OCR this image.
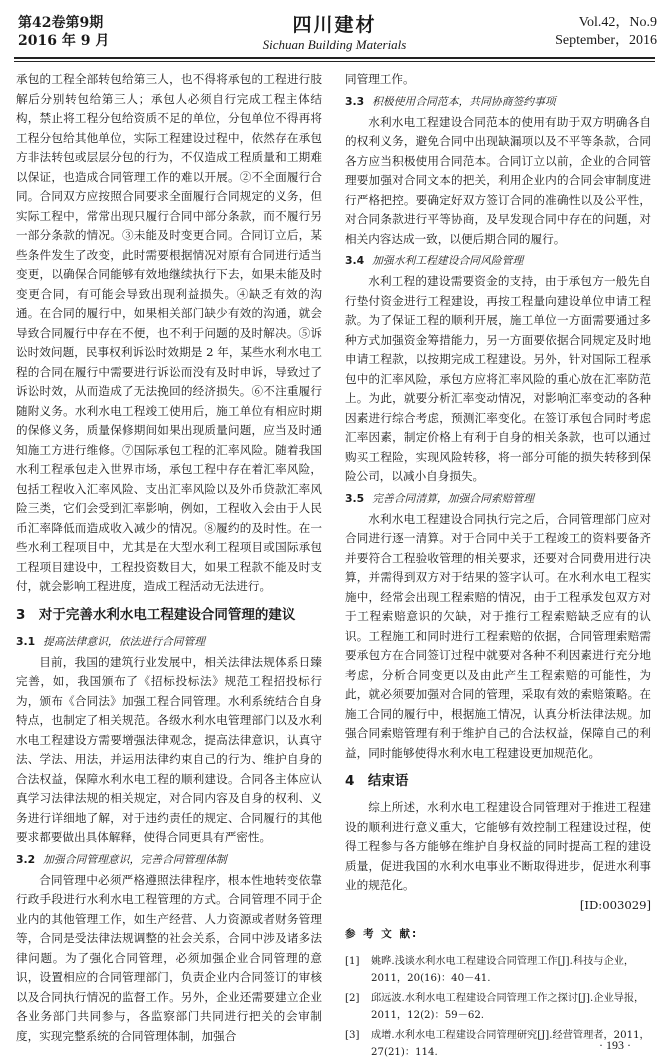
第42卷第9期
2016 年 9 月
四川建材
Sichuan Building Materials
Vol.42，No.9
September，2016

承包的工程全部转包给第三人，也不得将承包的工程进行肢解后分别转包给第三人；承包人必须自行完成工程主体结构，禁止将工程分包给资质不足的单位，分包单位不得再将工程分包给其他单位，实际工程建设过程中，依然存在承包方非法转包或层层分包的行为，不仅造成工程质量和工期难以保证，也造成合同管理工作的难以开展。②不全面履行合同。合同双方应按照合同要求全面履行合同规定的义务，但实际工程中，常常出现只履行合同中部分条款，而不履行另一部分条款的情况。③未能及时变更合同。合同订立后，某些条件发生了改变，此时需要根据情况对原有合同进行适当变更，以确保合同能够有效地继续执行下去，如果未能及时变更合同，有可能会导致出现利益损失。④缺乏有效的沟通。在合同的履行中，如果相关部门缺少有效的沟通，就会导致合同履行中存在不便，也不利于问题的及时解决。⑤诉讼时效问题，民事权利诉讼时效期是 2 年，某些水利水电工程的合同在履行中需要进行诉讼而没有及时申诉，导致过了诉讼时效，从而造成了无法挽回的经济损失。⑥不注重履行随附义务。水利水电工程竣工使用后，施工单位有相应时期的保修义务，质量保修期间如果出现质量问题，应当及时通知施工方进行维修。⑦国际承包工程的汇率风险。随着我国水利工程承包走入世界市场，承包工程中存在着汇率风险，包括工程收入汇率风险、支出汇率风险以及外币贷款汇率风险三类，它们会受到汇率影响，例如，工程收入会由于人民币汇率降低而造成收入减少的情况。⑧履约的及时性。在一些水利工程项目中，尤其是在大型水利工程项目或国际承包工程项目建设中，工程投资数目大，如果工程款不能及时支付，就会影响工程进度，造成工程活动无法进行。

3　对于完善水利水电工程建设合同管理的建议
3.1 提高法律意识，依法进行合同管理

目前，我国的建筑行业发展中，相关法律法规体系日臻完善，如，我国颁布了《招标投标法》规范工程招投标行为，颁布《合同法》加强工程合同管理。水利系统结合自身特点，也制定了相关规范。各级水利水电管理部门以及水利水电工程建设方需要增强法律观念，提高法律意识，认真守法、学法、用法，并运用法律约束自己的行为、维护自身的合法权益，保障水利水电工程的顺利建设。合同各主体应认真学习法律法规的相关规定，对合同内容及自身的权利、义务进行详细地了解，对于违约责任的规定、合同履行的其他要求都要做出具体解释，使得合同更具有严密性。

3.2 加强合同管理意识，完善合同管理体制

合同管理中必须严格遵照法律程序，根本性地转变依靠行政手段进行水利水电工程管理的方式。合同管理不同于企业内的其他管理工作，如生产经营、人力资源或者财务管理等，合同是受法律法规调整的社会关系，合同中涉及诸多法律问题。为了强化合同管理，必须加强企业合同管理的意识，设置相应的合同管理部门，负责企业内合同签订的审核以及合同执行情况的监督工作。另外，企业还需要建立企业各业务部门共同参与，各监察部门共同进行把关的会审制度，实现完整系统的合同管理体制，加强合

同管理工作。

3.3 积极使用合同范本，共同协商签约事项

水利水电工程建设合同范本的使用有助于双方明确各自的权利义务，避免合同中出现缺漏项以及不平等条款，合同各方应当积极使用合同范本。合同订立以前，企业的合同管理要加强对合同文本的把关，利用企业内的合同会审制度进行严格把控。要确定好双方签订合同的准确性以及公平性，对合同条款进行平等协商，及早发现合同中存在的问题，对相关内容达成一致，以便后期合同的履行。

3.4 加强水利工程建设合同风险管理

水利工程的建设需要资金的支持，由于承包方一般先自行垫付资金进行工程建设，再按工程量向建设单位申请工程款。为了保证工程的顺利开展，施工单位一方面需要通过多种方式加强资金筹措能力，另一方面要依据合同规定及时地申请工程款，以按期完成工程建设。另外，针对国际工程承包中的汇率风险，承包方应将汇率风险的重心放在汇率防范上。为此，就要分析汇率变动情况，对影响汇率变动的各种因素进行综合考虑，预测汇率变化。在签订承包合同时考虑汇率因素，制定价格上有利于自身的相关条款，也可以通过购买工程险，实现风险转移，将一部分可能的损失转移到保险公司，以减小自身损失。

3.5 完善合同清算，加强合同索赔管理

水利水电工程建设合同执行完之后，合同管理部门应对合同进行逐一清算。对于合同中关于工程竣工的资料要备齐并要符合工程验收管理的相关要求，还要对合同费用进行决算，并需得到双方对于结果的签字认可。在水利水电工程实施中，经常会出现工程索赔的情况，由于工程承发包双方对于工程索赔意识的欠缺，对于推行工程索赔缺乏应有的认识。工程施工和同时进行工程索赔的依据，合同管理索赔需要承包方在合同签订过程中就要对各种不利因素进行充分地考虑，分析合同变更以及由此产生工程索赔的可能性，为此，就必须要加强对合同的管理，采取有效的索赔策略。在施工合同的履行中，根据施工情况，认真分析法律法规。加强合同索赔管理有利于维护自己的合法权益，保障自己的利益，同时能够使得水利水电工程建设更加规范化。

4　结束语

综上所述，水利水电工程建设合同管理对于推进工程建设的顺利进行意义重大，它能够有效控制工程建设过程，使得工程参与各方能够在维护自身权益的同时提高工程的建设质量，促进我国的水利水电事业不断取得进步，促进水利事业的规范化。

[ID:003029]

参 考 文 献:
[1]	姚晔.浅谈水利水电工程建设合同管理工作[J].科技与企业，2011，20(16)：40－41.
[2]	邱远波.水利水电工程建设合同管理工作之探讨[J].企业导报，2011，12(2)：59－62.
[3]	成增.水利水电工程建设合同管理研究[J].经营管理者，2011，27(21)：114.	· 193 ·
